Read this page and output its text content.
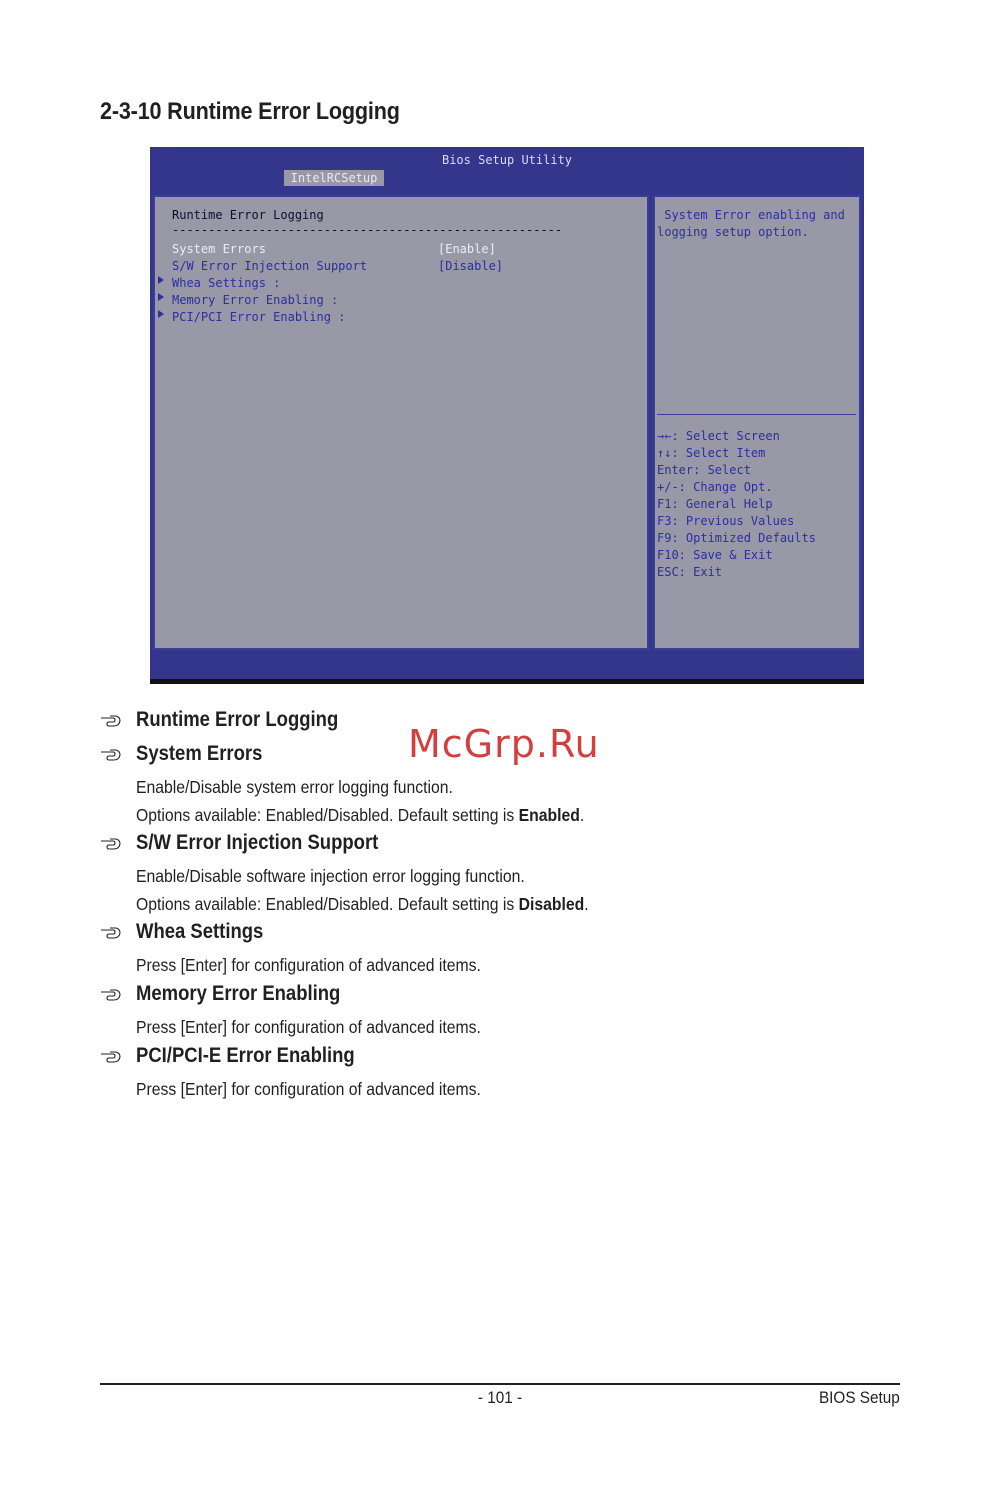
2-3-10 Runtime Error Logging
Bios Setup Utility
IntelRCSetup
Runtime Error Logging
------------------------------------------------------
System Errors	[Enable]
S/W Error Injection Support	[Disable]
Whea Settings :
Memory Error Enabling :
PCI/PCI Error Enabling :
System Error enabling and
logging setup option.
→←: Select Screen
↑↓: Select Item
Enter: Select
+/-: Change Opt.
F1: General Help
F3: Previous Values
F9: Optimized Defaults
F10: Save & Exit
ESC: Exit
Runtime Error Logging
System Errors
Enable/Disable system error logging function.
Options available: Enabled/Disabled. Default setting is Enabled.
S/W Error Injection Support
Enable/Disable software injection error logging function.
Options available: Enabled/Disabled. Default setting is Disabled.
Whea Settings
Press [Enter] for configuration of advanced items.
Memory Error Enabling
Press [Enter] for configuration of advanced items.
PCI/PCI-E Error Enabling
Press [Enter] for configuration of advanced items.
McGrp.Ru
- 101 -	BIOS Setup
